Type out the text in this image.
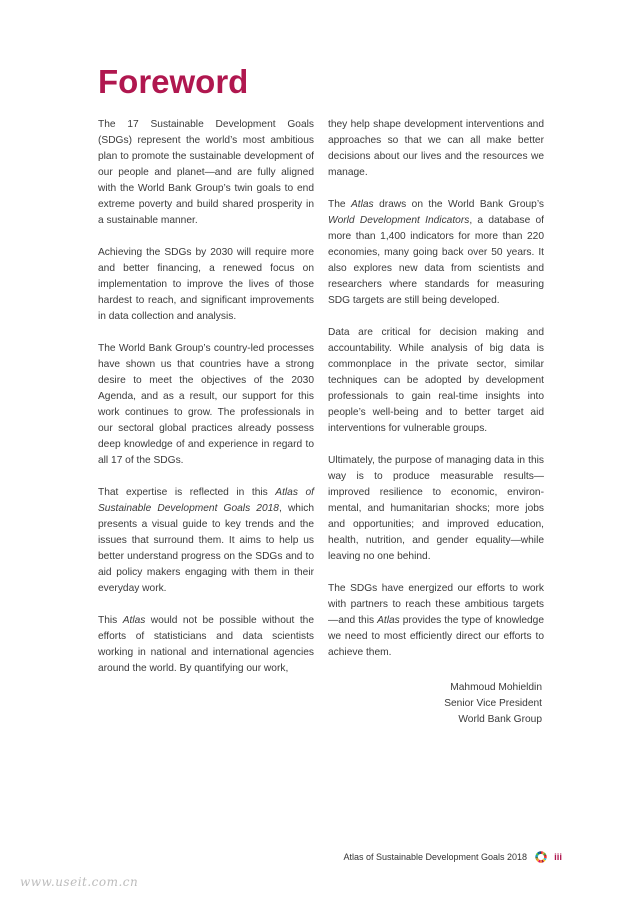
Foreword

The 17 Sustainable Development Goals (SDGs) represent the world’s most ambitious plan to promote the sustainable development of our people and planet—and are fully aligned with the World Bank Group’s twin goals to end extreme poverty and build shared prosperity in a sustainable manner.

Achieving the SDGs by 2030 will require more and better financing, a renewed focus on implementation to improve the lives of those hardest to reach, and significant improvements in data collection and analysis.

The World Bank Group’s country-led processes have shown us that countries have a strong desire to meet the objectives of the 2030 Agenda, and as a result, our support for this work continues to grow. The professionals in our sectoral global practices already possess deep knowledge of and experience in regard to all 17 of the SDGs.

That expertise is reflected in this Atlas of Sustainable Development Goals 2018, which presents a visual guide to key trends and the issues that surround them. It aims to help us better understand progress on the SDGs and to aid policy makers engaging with them in their everyday work.

This Atlas would not be possible without the efforts of statisticians and data scientists working in national and international agencies around the world. By quantifying our work,

they help shape development interventions and approaches so that we can all make better decisions about our lives and the resources we manage.

The Atlas draws on the World Bank Group’s World Development Indicators, a database of more than 1,400 indicators for more than 220 economies, many going back over 50 years. It also explores new data from scientists and researchers where standards for measuring SDG targets are still being developed.

Data are critical for decision making and accountability. While analysis of big data is commonplace in the private sector, similar techniques can be adopted by development professionals to gain real-time insights into people’s well-being and to better target aid interventions for vulnerable groups.

Ultimately, the purpose of managing data in this way is to produce measurable results—improved resilience to economic, environmental, and humanitarian shocks; more jobs and opportunities; and improved education, health, nutrition, and gender equality—while leaving no one behind.

The SDGs have energized our efforts to work with partners to reach these ambitious targets—and this Atlas provides the type of knowledge we need to most efficiently direct our efforts to achieve them.

Mahmoud Mohieldin
Senior Vice President
World Bank Group
Atlas of Sustainable Development Goals 2018	iii
www.useit.com.cn
